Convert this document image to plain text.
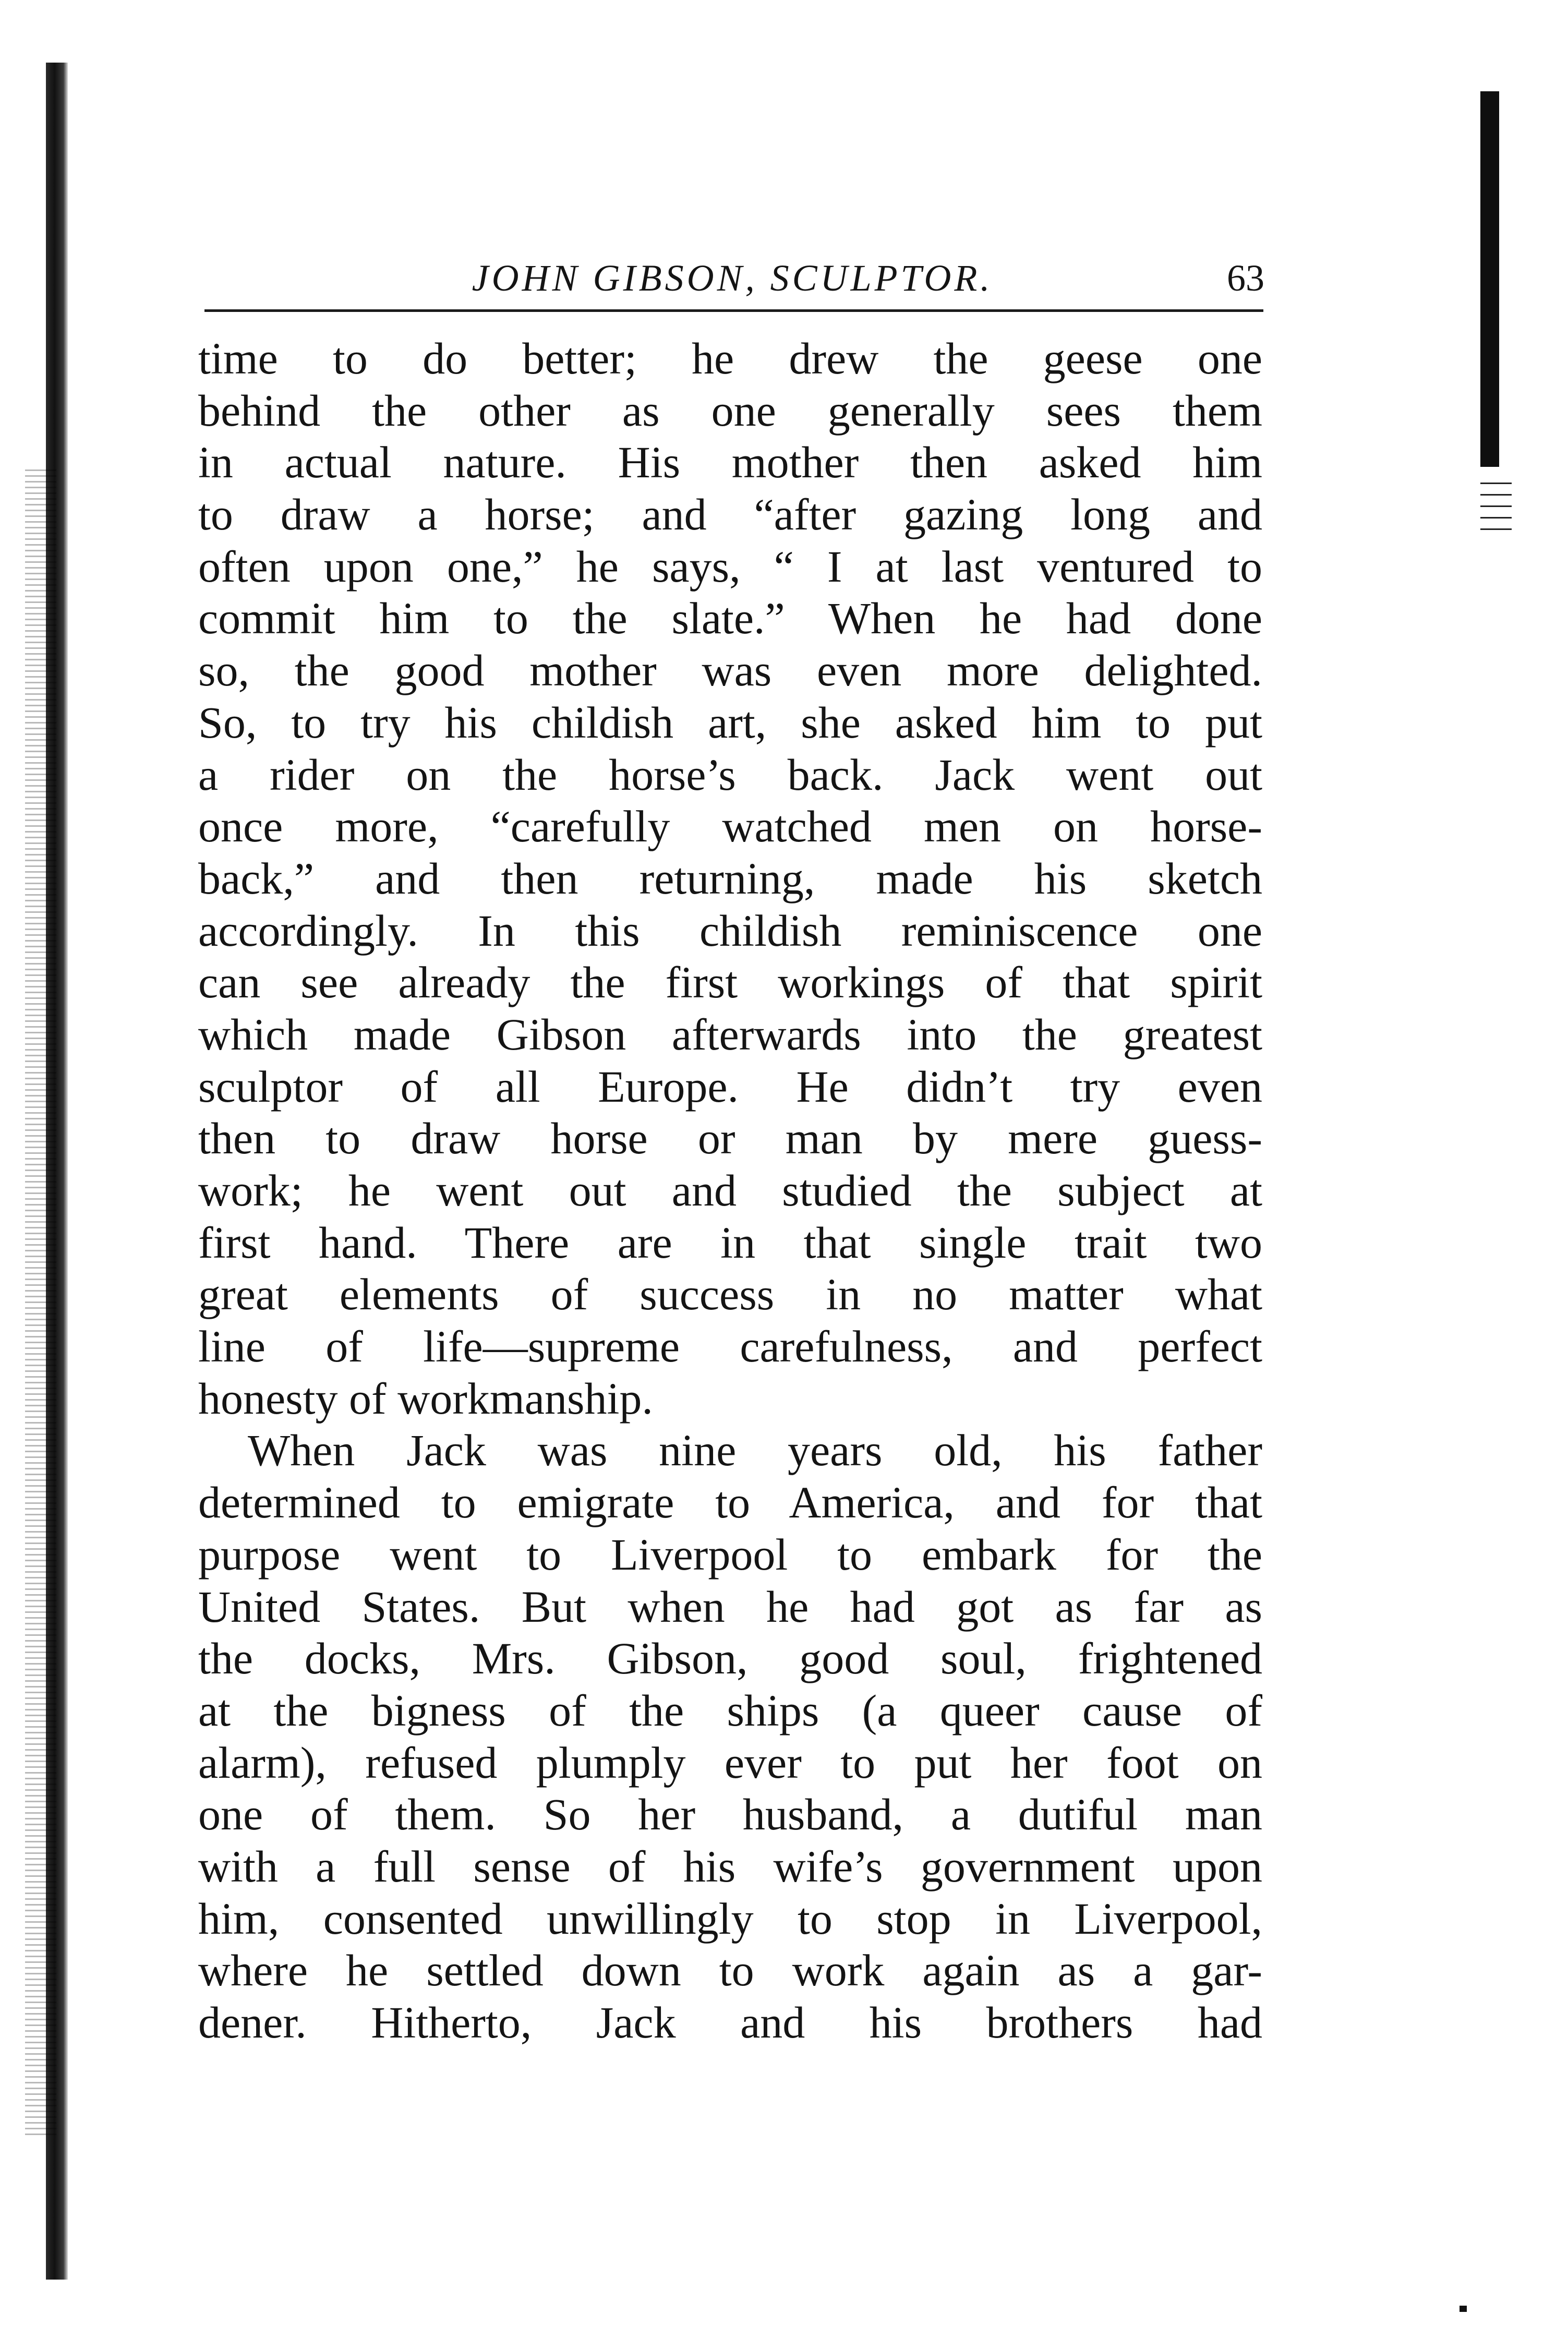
JOHN GIBSON, SCULPTOR.	63
time to do better; he drew the geese one
behind the other as one generally sees them
in actual nature. His mother then asked him
to draw a horse; and “after gazing long and
often upon one,” he says, “ I at last ventured to
commit him to the slate.” When he had done
so, the good mother was even more delighted.
So, to try his childish art, she asked him to put
a rider on the horse’s back. Jack went out
once more, “carefully watched men on horse-
back,” and then returning, made his sketch
accordingly. In this childish reminiscence one
can see already the first workings of that spirit
which made Gibson afterwards into the greatest
sculptor of all Europe. He didn’t try even
then to draw horse or man by mere guess-
work; he went out and studied the subject at
first hand. There are in that single trait two
great elements of success in no matter what
line of life—supreme carefulness, and perfect
honesty of workmanship.
When Jack was nine years old, his father
determined to emigrate to America, and for that
purpose went to Liverpool to embark for the
United States. But when he had got as far as
the docks, Mrs. Gibson, good soul, frightened
at the bigness of the ships (a queer cause of
alarm), refused plumply ever to put her foot on
one of them. So her husband, a dutiful man
with a full sense of his wife’s government upon
him, consented unwillingly to stop in Liverpool,
where he settled down to work again as a gar-
dener. Hitherto, Jack and his brothers had
